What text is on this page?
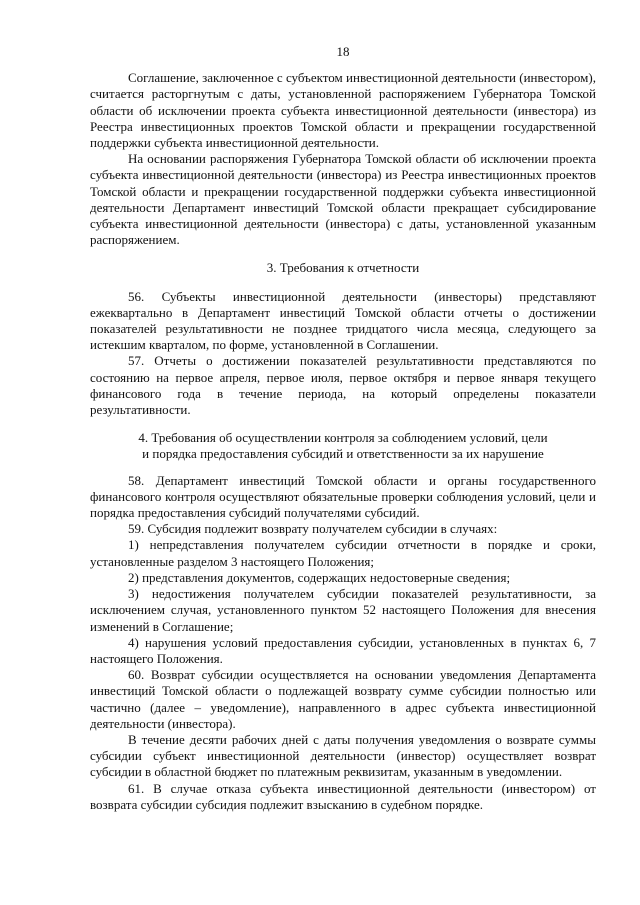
18

Соглашение, заключенное с субъектом инвестиционной деятельности (инвестором), считается расторгнутым с даты, установленной распоряжением Губернатора Томской области об исключении проекта субъекта инвестиционной деятельности (инвестора) из Реестра инвестиционных проектов Томской области и прекращении государственной поддержки субъекта инвестиционной деятельности.

На основании распоряжения Губернатора Томской области об исключении проекта субъекта инвестиционной деятельности (инвестора) из Реестра инвестиционных проектов Томской области и прекращении государственной поддержки субъекта инвестиционной деятельности Департамент инвестиций Томской области прекращает субсидирование субъекта инвестиционной деятельности (инвестора) с даты, установленной указанным распоряжением.

3. Требования к отчетности

56. Субъекты инвестиционной деятельности (инвесторы) представляют ежеквартально в Департамент инвестиций Томской области отчеты о достижении показателей результативности не позднее тридцатого числа месяца, следующего за истекшим кварталом, по форме, установленной в Соглашении.

57. Отчеты о достижении показателей результативности представляются по состоянию на первое апреля, первое июля, первое октября и первое января текущего финансового года в течение периода, на который определены показатели результативности.

4. Требования об осуществлении контроля за соблюдением условий, цели
и порядка предоставления субсидий и ответственности за их нарушение

58. Департамент инвестиций Томской области и органы государственного финансового контроля осуществляют обязательные проверки соблюдения условий, цели и порядка предоставления субсидий получателями субсидий.

59. Субсидия подлежит возврату получателем субсидии в случаях:

1) непредставления получателем субсидии отчетности в порядке и сроки, установленные разделом 3 настоящего Положения;

2) представления документов, содержащих недостоверные сведения;

3) недостижения получателем субсидии показателей результативности, за исключением случая, установленного пунктом 52 настоящего Положения для внесения изменений в Соглашение;

4) нарушения условий предоставления субсидии, установленных в пунктах 6, 7 настоящего Положения.

60. Возврат субсидии осуществляется на основании уведомления Департамента инвестиций Томской области о подлежащей возврату сумме субсидии полностью или частично (далее – уведомление), направленного в адрес субъекта инвестиционной деятельности (инвестора).

В течение десяти рабочих дней с даты получения уведомления о возврате суммы субсидии субъект инвестиционной деятельности (инвестор) осуществляет возврат субсидии в областной бюджет по платежным реквизитам, указанным в уведомлении.

61. В случае отказа субъекта инвестиционной деятельности (инвестором) от возврата субсидии субсидия подлежит взысканию в судебном порядке.
